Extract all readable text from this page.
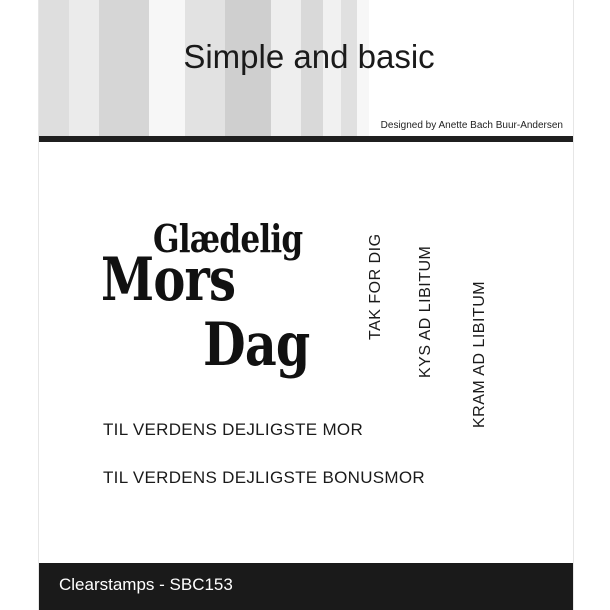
Simple and basic
Designed by Anette Bach Buur-Andersen
Glædelig
Mors
Dag
TAK FOR DIG KYS AD LIBITUM KRAM AD LIBITUM
TIL VERDENS DEJLIGSTE MOR
TIL VERDENS DEJLIGSTE BONUSMOR
Clearstamps - SBC153
